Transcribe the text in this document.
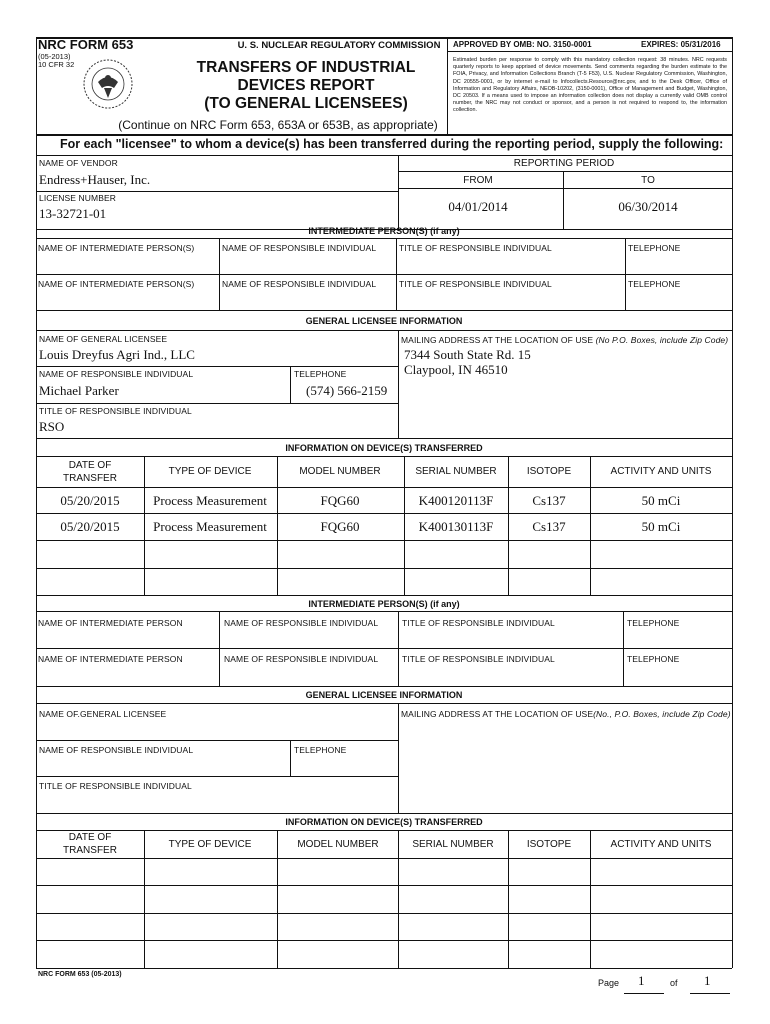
NRC FORM 653
(05-2013)
10 CFR 32
U. S. NUCLEAR REGULATORY COMMISSION
TRANSFERS OF INDUSTRIAL
DEVICES REPORT
(TO GENERAL LICENSEES)
(Continue on NRC Form 653, 653A or 653B, as appropriate)
APPROVED BY OMB: NO. 3150-0001	EXPIRES: 05/31/2016
Estimated burden per response to comply with this mandatory collection request: 38 minutes. NRC requests quarterly reports to keep apprised of device movements. Send comments regarding the burden estimate to the FOIA, Privacy, and Information Collections Branch (T-5 F53), U.S. Nuclear Regulatory Commission, Washington, DC 20555-0001, or by internet e-mail to Infocollects.Resource@nrc.gov, and to the Desk Officer, Office of Information and Regulatory Affairs, NEOB-10202, (3150-0001), Office of Management and Budget, Washington, DC 20503. If a means used to impose an information collection does not display a currently valid OMB control number, the NRC may not conduct or sponsor, and a person is not required to respond to, the information collection.
For each "licensee" to whom a device(s) has been transferred during the reporting period, supply the following:
NAME OF VENDOR
Endress+Hauser, Inc.
REPORTING PERIOD
FROM	TO
04/01/2014	06/30/2014
LICENSE NUMBER
13-32721-01
INTERMEDIATE PERSON(S) (if any)
NAME OF INTERMEDIATE PERSON(S)	NAME OF RESPONSIBLE INDIVIDUAL	TITLE OF RESPONSIBLE INDIVIDUAL	TELEPHONE
NAME OF INTERMEDIATE PERSON(S)	NAME OF RESPONSIBLE INDIVIDUAL	TITLE OF RESPONSIBLE INDIVIDUAL	TELEPHONE
GENERAL LICENSEE INFORMATION
NAME OF GENERAL LICENSEE
Louis Dreyfus Agri Ind., LLC
MAILING ADDRESS AT THE LOCATION OF USE (No P.O. Boxes, include Zip Code)
7344 South State Rd. 15
Claypool, IN 46510
NAME OF RESPONSIBLE INDIVIDUAL	TELEPHONE
Michael Parker	(574) 566-2159
TITLE OF RESPONSIBLE INDIVIDUAL
RSO
INFORMATION ON DEVICE(S) TRANSFERRED
DATE OF
TRANSFER
TYPE OF DEVICE	MODEL NUMBER	SERIAL NUMBER	ISOTOPE	ACTIVITY AND UNITS
05/20/2015	Process Measurement	FQG60	K400120113F	Cs137	50 mCi
05/20/2015	Process Measurement	FQG60	K400130113F	Cs137	50 mCi
INTERMEDIATE PERSON(S) (if any)
NAME OF INTERMEDIATE PERSON	NAME OF RESPONSIBLE INDIVIDUAL	TITLE OF RESPONSIBLE INDIVIDUAL	TELEPHONE
NAME OF INTERMEDIATE PERSON	NAME OF RESPONSIBLE INDIVIDUAL	TITLE OF RESPONSIBLE INDIVIDUAL	TELEPHONE
GENERAL LICENSEE INFORMATION
NAME OF.GENERAL LICENSEE	MAILING ADDRESS AT THE LOCATION OF USE(No., P.O. Boxes, include Zip Code)
NAME OF RESPONSIBLE INDIVIDUAL	TELEPHONE
TITLE OF RESPONSIBLE INDIVIDUAL
INFORMATION ON DEVICE(S) TRANSFERRED
DATE OF
TRANSFER
TYPE OF DEVICE	MODEL NUMBER	SERIAL NUMBER	ISOTOPE	ACTIVITY AND UNITS
NRC FORM 653 (05-2013)
Page 1	of 1
